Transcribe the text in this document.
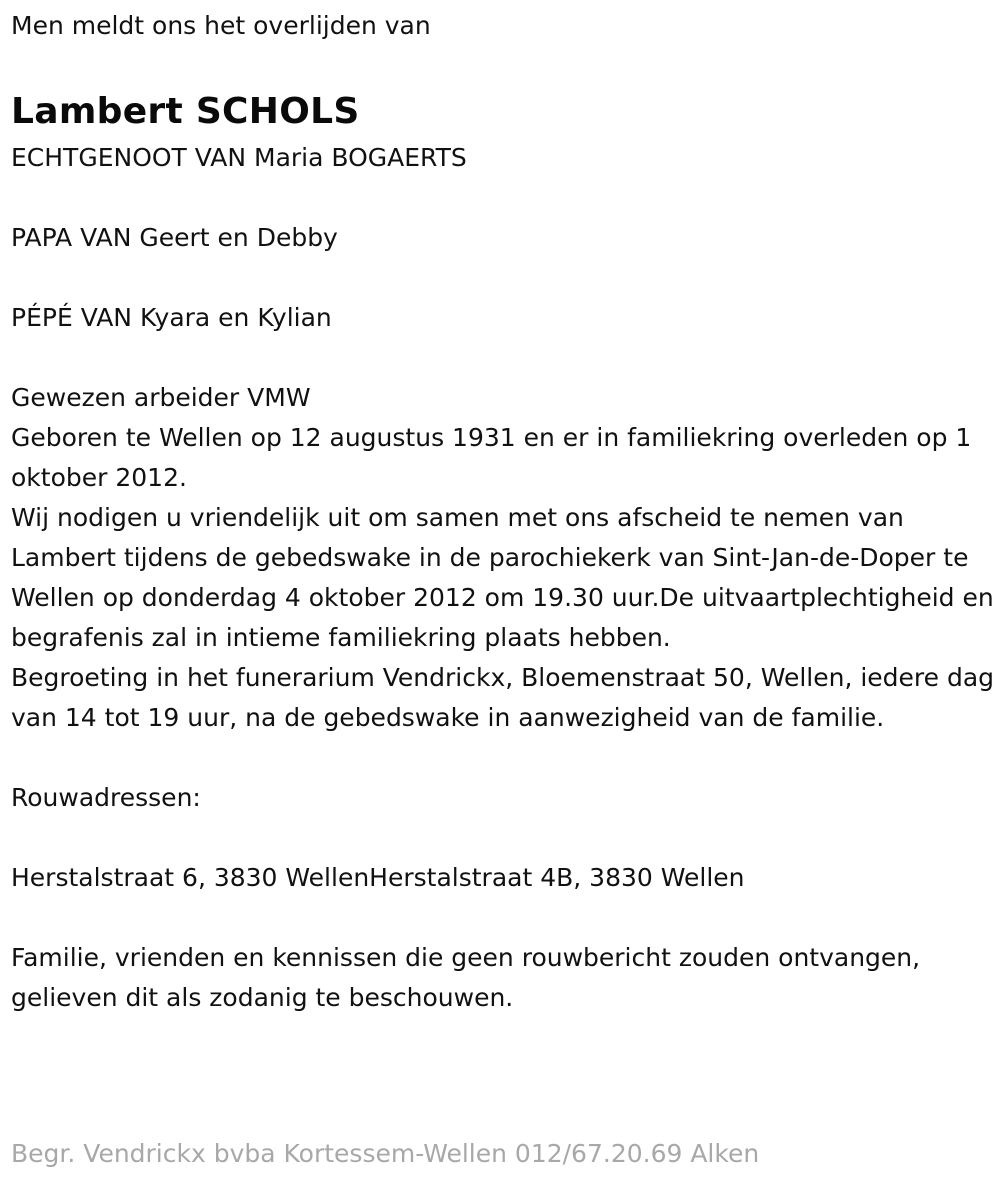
Men meldt ons het overlijden van

Lambert SCHOLS

ECHTGENOOT VAN Maria BOGAERTS

PAPA VAN Geert en Debby

PÉPÉ VAN Kyara en Kylian

Gewezen arbeider VMW

Geboren te Wellen op 12 augustus 1931 en er in familiekring overleden op 1 oktober 2012.

Wij nodigen u vriendelijk uit om samen met ons afscheid te nemen van Lambert tijdens de gebedswake in de parochiekerk van Sint-Jan-de-Doper te Wellen op donderdag 4 oktober 2012 om 19.30 uur.De uitvaartplechtigheid en begrafenis zal in intieme familiekring plaats hebben.

Begroeting in het funerarium Vendrickx, Bloemenstraat 50, Wellen, iedere dag van 14 tot 19 uur, na de gebedswake in aanwezigheid van de familie.

Rouwadressen:

Herstalstraat 6, 3830 WellenHerstalstraat 4B, 3830 Wellen

Familie, vrienden en kennissen die geen rouwbericht zouden ontvangen, gelieven dit als zodanig te beschouwen.

Begr. Vendrickx bvba Kortessem-Wellen 012/67.20.69 Alken
